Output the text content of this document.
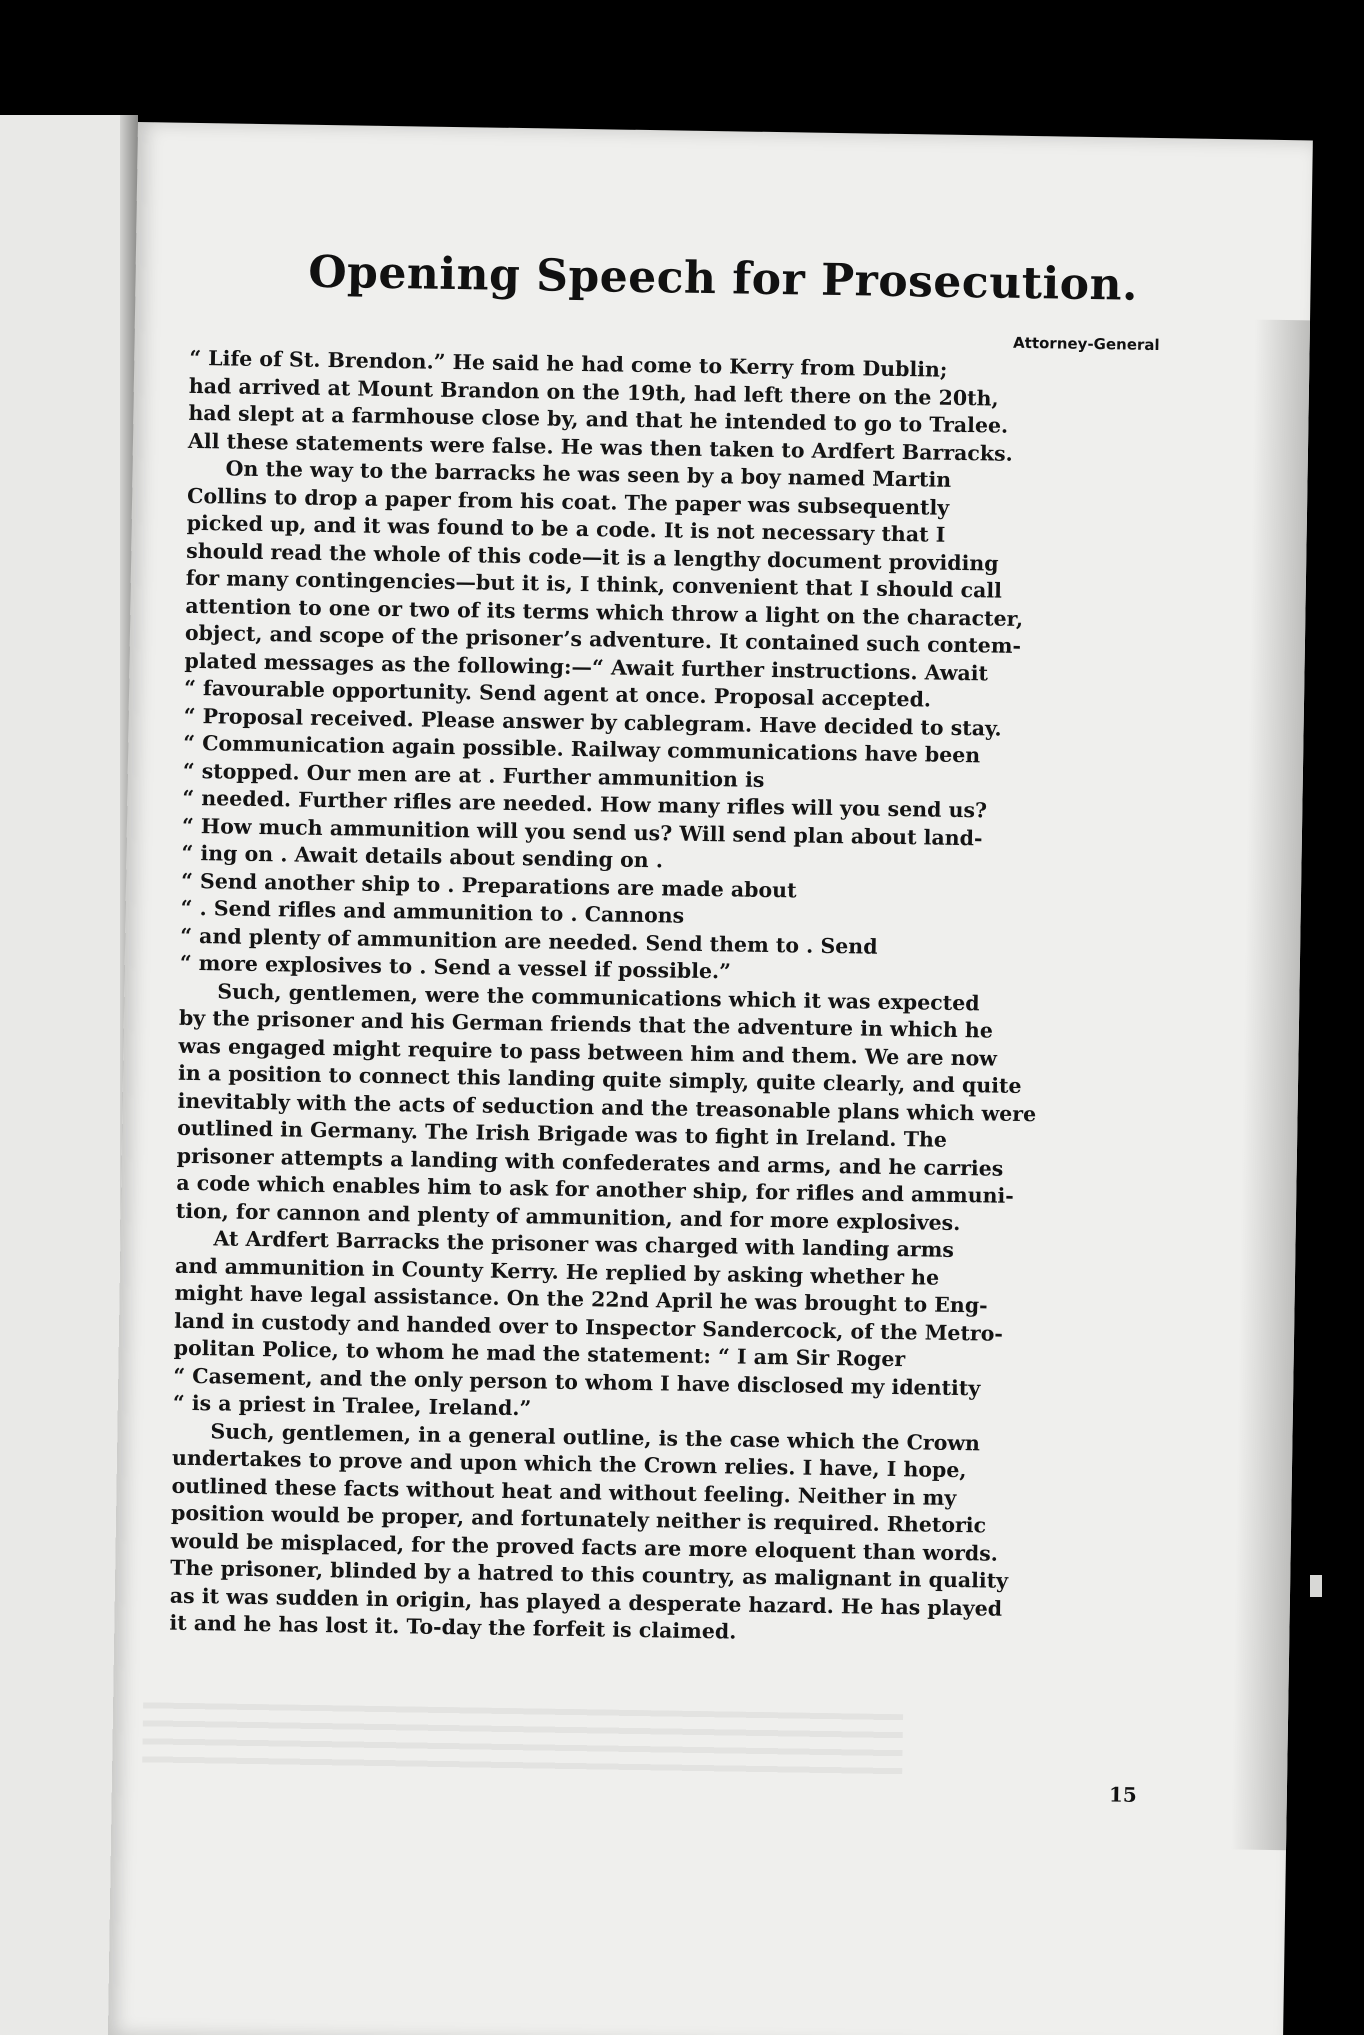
Opening Speech for Prosecution.
Attorney-General

“ Life of St. Brendon.” He said he had come to Kerry from Dublin;
had arrived at Mount Brandon on the 19th, had left there on the 20th,
had slept at a farmhouse close by, and that he intended to go to Tralee.
All these statements were false. He was then taken to Ardfert Barracks.

On the way to the barracks he was seen by a boy named Martin
Collins to drop a paper from his coat. The paper was subsequently
picked up, and it was found to be a code. It is not necessary that I
should read the whole of this code—it is a lengthy document providing
for many contingencies—but it is, I think, convenient that I should call
attention to one or two of its terms which throw a light on the character,
object, and scope of the prisoner’s adventure. It contained such contem-
plated messages as the following:—“ Await further instructions. Await
“ favourable opportunity. Send agent at once. Proposal accepted.
“ Proposal received. Please answer by cablegram. Have decided to stay.
“ Communication again possible. Railway communications have been
“ stopped. Our men are at . Further ammunition is
“ needed. Further rifles are needed. How many rifles will you send us?
“ How much ammunition will you send us? Will send plan about land-
“ ing on . Await details about sending on .
“ Send another ship to . Preparations are made about
“ . Send rifles and ammunition to . Cannons
“ and plenty of ammunition are needed. Send them to . Send
“ more explosives to . Send a vessel if possible.”

Such, gentlemen, were the communications which it was expected
by the prisoner and his German friends that the adventure in which he
was engaged might require to pass between him and them. We are now
in a position to connect this landing quite simply, quite clearly, and quite
inevitably with the acts of seduction and the treasonable plans which were
outlined in Germany. The Irish Brigade was to fight in Ireland. The
prisoner attempts a landing with confederates and arms, and he carries
a code which enables him to ask for another ship, for rifles and ammuni-
tion, for cannon and plenty of ammunition, and for more explosives.

At Ardfert Barracks the prisoner was charged with landing arms
and ammunition in County Kerry. He replied by asking whether he
might have legal assistance. On the 22nd April he was brought to Eng-
land in custody and handed over to Inspector Sandercock, of the Metro-
politan Police, to whom he mad the statement: “ I am Sir Roger
“ Casement, and the only person to whom I have disclosed my identity
“ is a priest in Tralee, Ireland.”

Such, gentlemen, in a general outline, is the case which the Crown
undertakes to prove and upon which the Crown relies. I have, I hope,
outlined these facts without heat and without feeling. Neither in my
position would be proper, and fortunately neither is required. Rhetoric
would be misplaced, for the proved facts are more eloquent than words.
The prisoner, blinded by a hatred to this country, as malignant in quality
as it was sudden in origin, has played a desperate hazard. He has played
it and he has lost it. To-day the forfeit is claimed.

15
